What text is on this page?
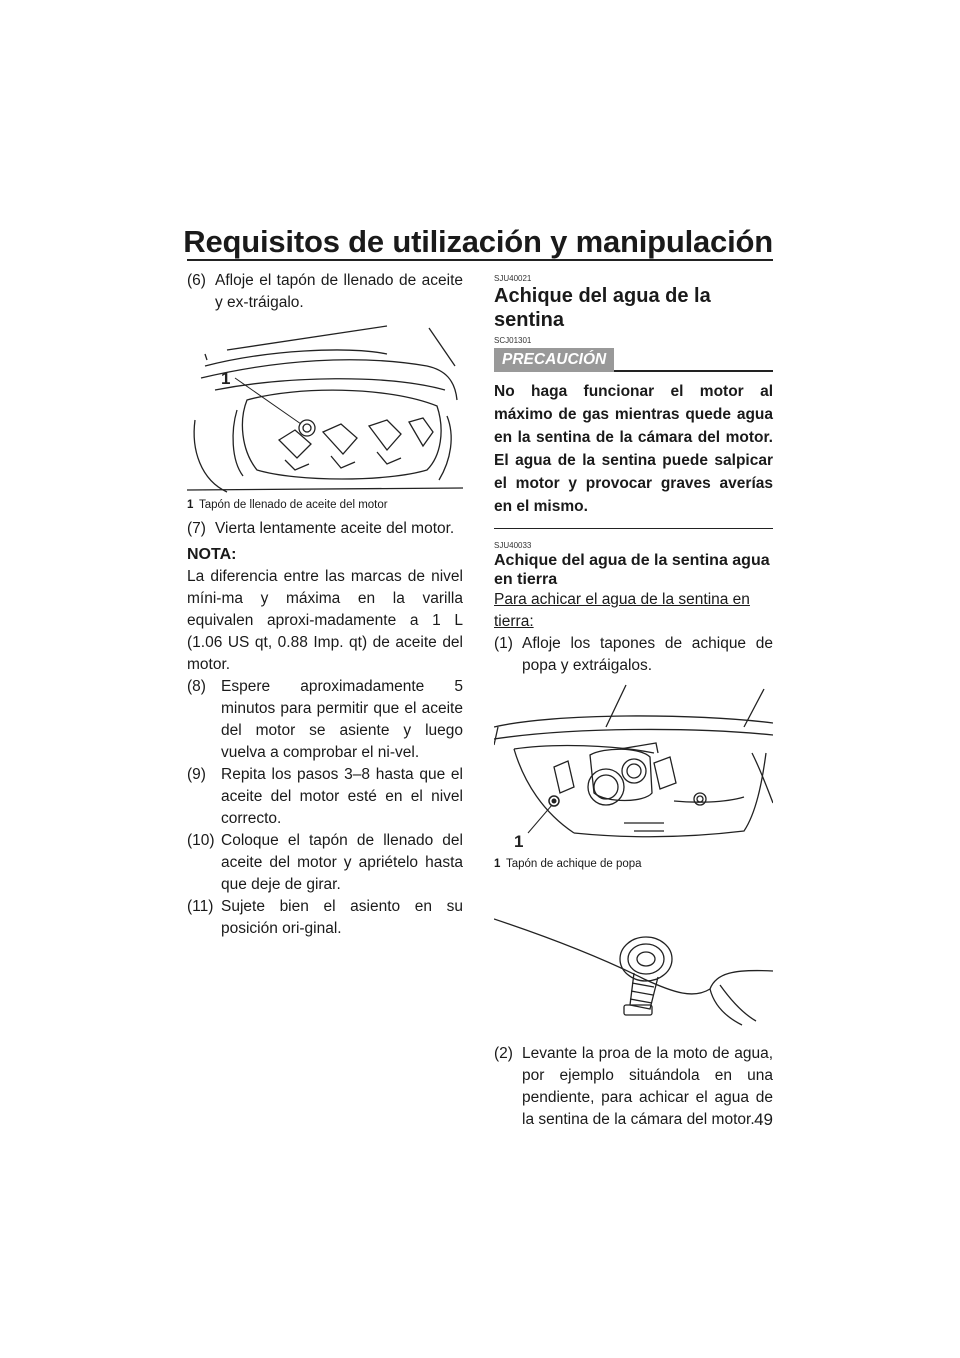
Requisitos de utilización y manipulación
(6) Afloje el tapón de llenado de aceite y ex-tráigalo.
1
1 Tapón de llenado de aceite del motor
(7) Vierta lentamente aceite del motor.
NOTA:

La diferencia entre las marcas de nivel míni-ma y máxima en la varilla equivalen aproxi-madamente a 1 L (1.06 US qt, 0.88 Imp. qt) de aceite del motor.

(8) Espere aproximadamente 5 minutos para permitir que el aceite del motor se asiente y luego vuelva a comprobar el ni-vel.
(9) Repita los pasos 3–8 hasta que el aceite del motor esté en el nivel correcto.
(10) Coloque el tapón de llenado del aceite del motor y apriételo hasta que deje de girar.
(11) Sujete bien el asiento en su posición ori-ginal.
SJU40021
Achique del agua de la sentina
SCJ01301
PRECAUCIÓN

No haga funcionar el motor al máximo de gas mientras quede agua en la sentina de la cámara del motor. El agua de la sentina puede salpicar el motor y provocar graves averías en el mismo.

SJU40033
Achique del agua de la sentina agua en tierra

Para achicar el agua de la sentina en tierra:

(1) Afloje los tapones de achique de popa y extráigalos.
1
1 Tapón de achique de popa
(2) Levante la proa de la moto de agua, por ejemplo situándola en una pendiente, para achicar el agua de la sentina de la cámara del motor. 49
